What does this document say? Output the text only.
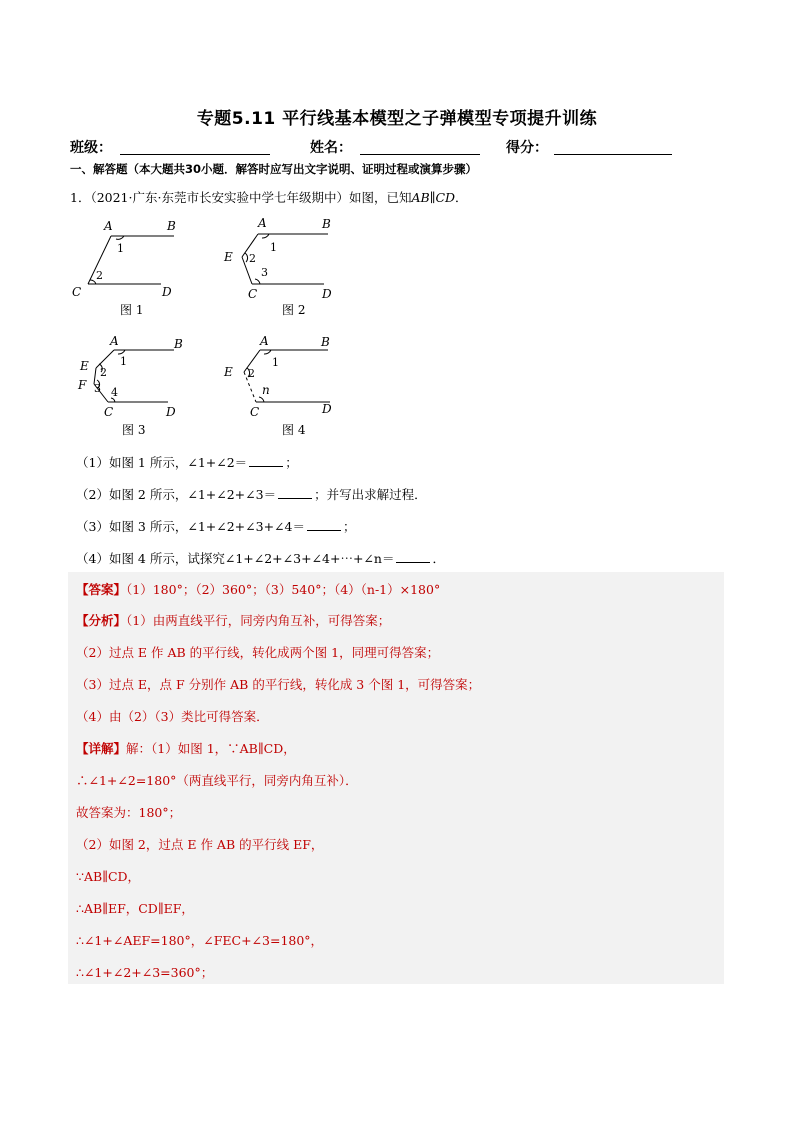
专题5.11 平行线基本模型之子弹模型专项提升训练
班级：	姓名：	得分：
一、解答题（本大题共30小题．解答时应写出文字说明、证明过程或演算步骤）
1．（2021·广东·东莞市长安实验中学七年级期中）如图，已知AB∥CD．
A	B
C	D
1
2
图 1
A	B
E
C	D
1
2
3
图 2
A	B
E
F
C	D
1
2
3 4
图 3
A	B
E
C	D
1
2
n
图 4
（1）如图 1 所示，∠1+∠2＝	；
（2）如图 2 所示，∠1+∠2+∠3＝	；并写出求解过程．
（3）如图 3 所示，∠1+∠2+∠3+∠4＝	；
（4）如图 4 所示，试探究∠1+∠2+∠3+∠4+⋯+∠n＝	．
【答案】（1）180°；（2）360°；（3）540°；（4）（n-1）×180°
【分析】（1）由两直线平行，同旁内角互补，可得答案；
（2）过点 E 作 AB 的平行线，转化成两个图 1，同理可得答案；
（3）过点 E，点 F 分别作 AB 的平行线，转化成 3 个图 1，可得答案；
（4）由（2）（3）类比可得答案．
【详解】解：（1）如图 1，∵AB∥CD，
∴∠1+∠2=180°（两直线平行，同旁内角互补）．
故答案为：180°；
（2）如图 2，过点 E 作 AB 的平行线 EF，
∵AB∥CD，
∴AB∥EF，CD∥EF，
∴∠1+∠AEF=180°，∠FEC+∠3=180°，
∴∠1+∠2+∠3=360°；
